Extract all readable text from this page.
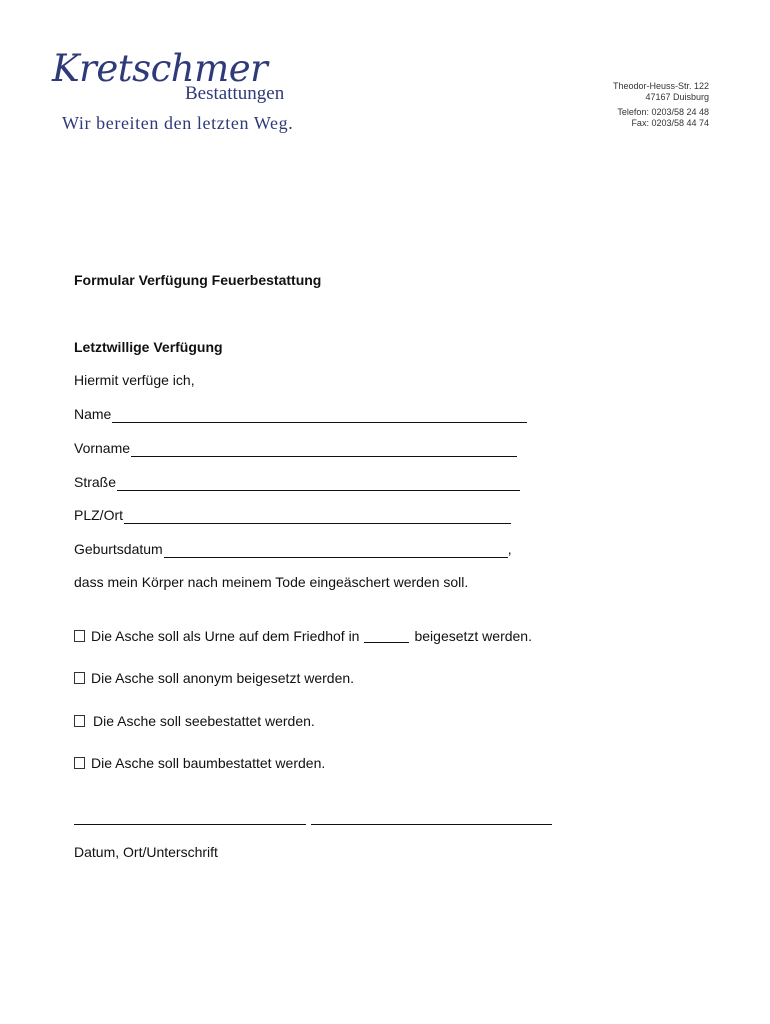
Kretschmer
Bestattungen
Wir bereiten den letzten Weg.
Theodor-Heuss-Str. 122
47167 Duisburg
Telefon: 0203/58 24 48
Fax: 0203/58 44 74
Formular Verfügung Feuerbestattung
Letztwillige Verfügung
Hiermit verfüge ich,
Name
Vorname
Straße
PLZ/Ort
Geburtsdatum	,
dass mein Körper nach meinem Tode eingeäschert werden soll.
Die Asche soll als Urne auf dem Friedhof in	beigesetzt werden.
Die Asche soll anonym beigesetzt werden.
Die Asche soll seebestattet werden.
Die Asche soll baumbestattet werden.
Datum, Ort/Unterschrift
